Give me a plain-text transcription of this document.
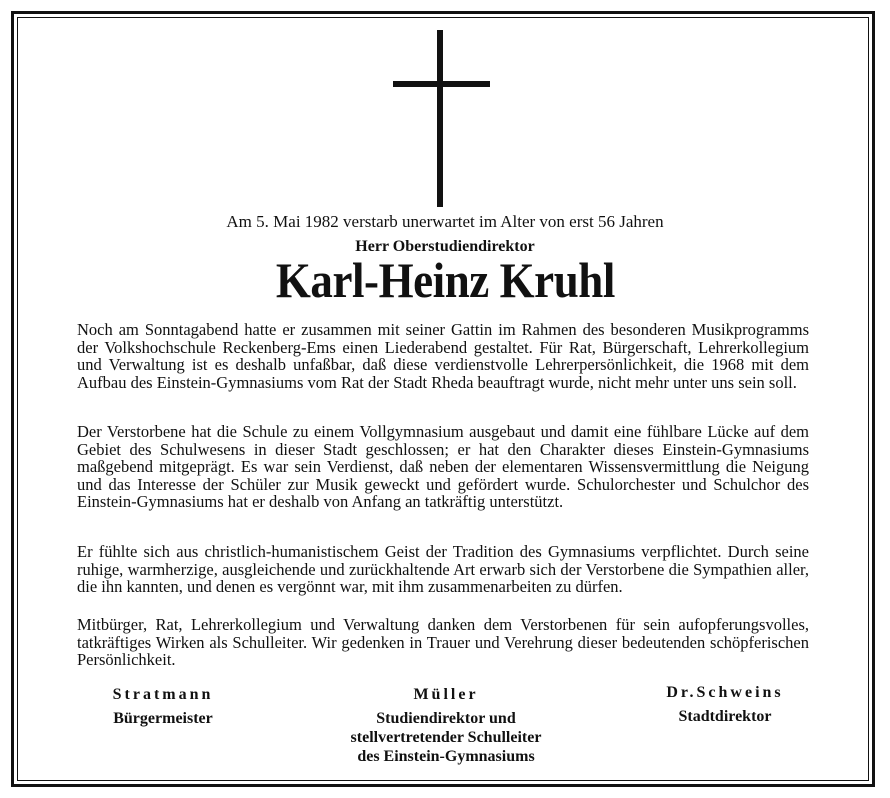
Am 5. Mai 1982 verstarb unerwartet im Alter von erst 56 Jahren
Herr Oberstudiendirektor
Karl-Heinz Kruhl

Noch am Sonntagabend hatte er zusammen mit seiner Gattin im Rahmen des besonderen Musikprogramms der Volkshochschule Reckenberg-Ems einen Liederabend gestaltet. Für Rat, Bürgerschaft, Lehrerkollegium und Verwaltung ist es deshalb unfaßbar, daß diese verdienstvolle Lehrerpersönlichkeit, die 1968 mit dem Aufbau des Einstein-Gymnasiums vom Rat der Stadt Rheda beauftragt wurde, nicht mehr unter uns sein soll.

Der Verstorbene hat die Schule zu einem Vollgymnasium ausgebaut und damit eine fühlbare Lücke auf dem Gebiet des Schulwesens in dieser Stadt geschlossen; er hat den Charakter dieses Einstein-Gymnasiums maßgebend mitgeprägt. Es war sein Verdienst, daß neben der elementaren Wissensvermittlung die Neigung und das Interesse der Schüler zur Musik geweckt und gefördert wurde. Schulorchester und Schulchor des Einstein-Gymnasiums hat er deshalb von Anfang an tatkräftig unterstützt.

Er fühlte sich aus christlich-humanistischem Geist der Tradition des Gymnasiums verpflichtet. Durch seine ruhige, warmherzige, ausgleichende und zurückhaltende Art erwarb sich der Verstorbene die Sympathien aller, die ihn kannten, und denen es vergönnt war, mit ihm zusammenarbeiten zu dürfen.

Mitbürger, Rat, Lehrerkollegium und Verwaltung danken dem Verstorbenen für sein aufopferungsvolles, tatkräftiges Wirken als Schulleiter. Wir gedenken in Trauer und Verehrung dieser bedeutenden schöpferischen Persönlichkeit.

Stratmann
Bürgermeister
Müller
Studiendirektor und
stellvertretender Schulleiter
des Einstein-Gymnasiums
Dr.Schweins
Stadtdirektor
